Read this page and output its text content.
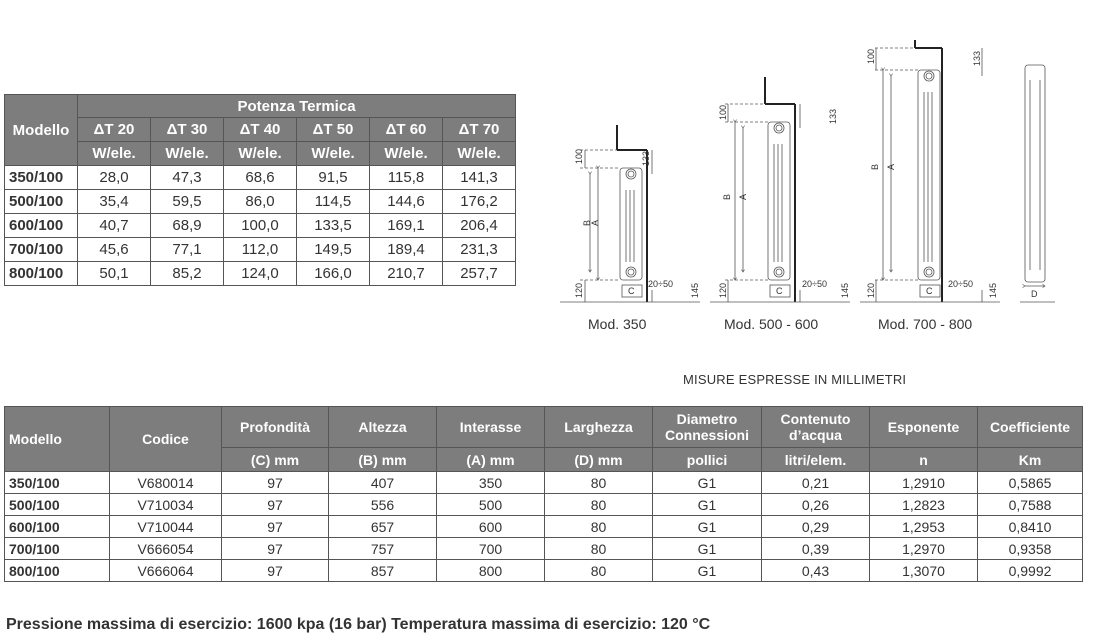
Modello	Potenza Termica					
	ΔT 20	ΔT 30	ΔT 40	ΔT 50	ΔT 60	ΔT 70
	W/ele.	W/ele.	W/ele.	W/ele.	W/ele.	W/ele.
350/100	28,0	47,3	68,6	91,5	115,8	141,3
500/100	35,4	59,5	86,0	114,5	144,6	176,2
600/100	40,7	68,9	100,0	133,5	169,1	206,4
700/100	45,6	77,1	112,0	149,5	189,4	231,3
800/100	50,1	85,2	124,0	166,0	210,7	257,7
100	133
B
A
120	C
20÷50 145
100	133
B A
120	C
20÷50 145
100	133
B A
120	C
20÷50 145	D
Mod. 350	Mod. 500 - 600	Mod. 700 - 800
MISURE ESPRESSE IN MILLIMETRI
Modello	Codice	Profondità	Altezza	Interasse	Larghezza	Diametro Connessioni	Contenuto d’acqua	Esponente	Coefficiente
		(C) mm	(B) mm	(A) mm	(D) mm	pollici	litri/elem.	n	Km
350/100	V680014	97	407	350	80	G1	0,21	1,2910	0,5865
500/100	V710034	97	556	500	80	G1	0,26	1,2823	0,7588
600/100	V710044	97	657	600	80	G1	0,29	1,2953	0,8410
700/100	V666054	97	757	700	80	G1	0,39	1,2970	0,9358
800/100	V666064	97	857	800	80	G1	0,43	1,3070	0,9992
Pressione massima di esercizio: 1600 kpa (16 bar) Temperatura massima di esercizio: 120 °C
